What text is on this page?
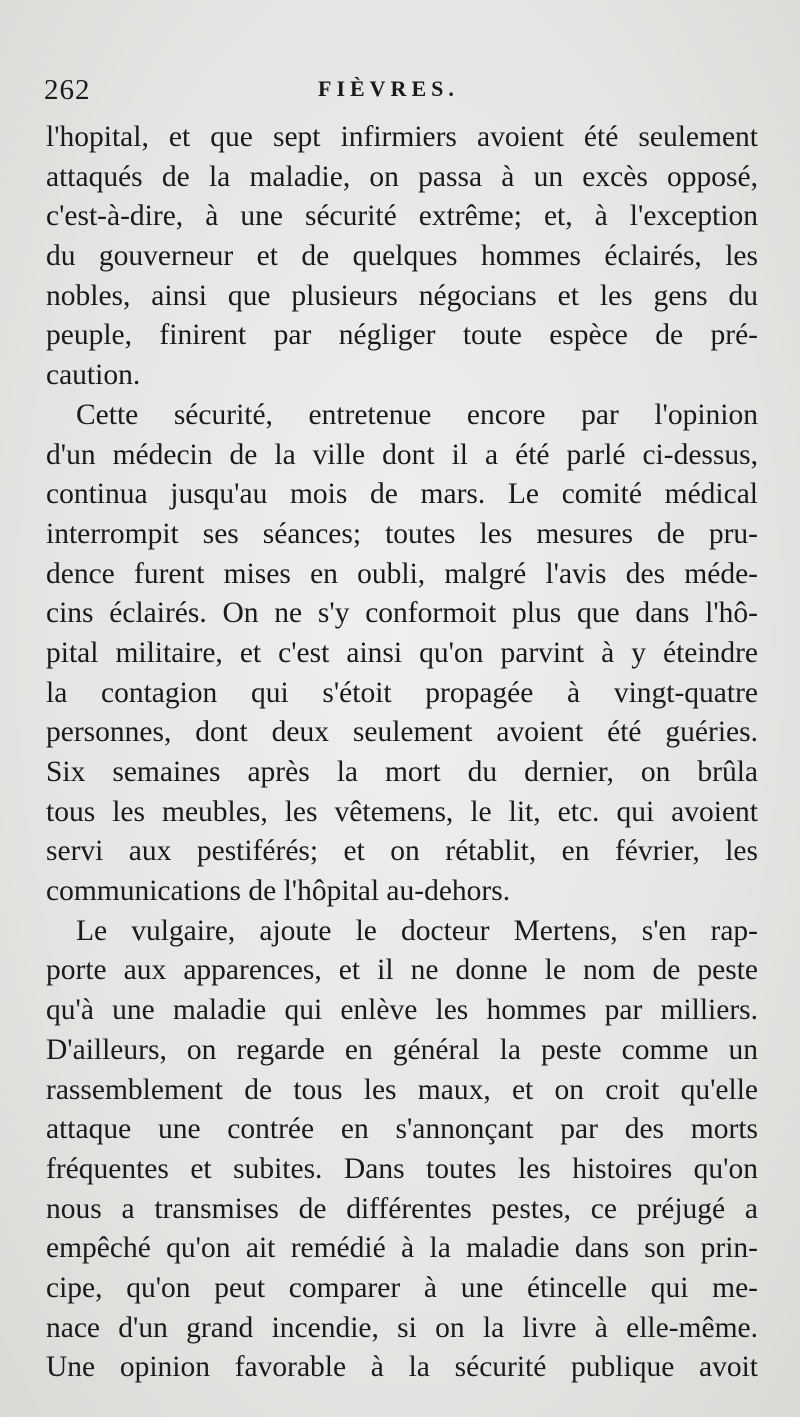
262	FIÈVRES.
l'hopital, et que sept infirmiers avoient été seulement
attaqués de la maladie, on passa à un excès opposé,
c'est-à-dire, à une sécurité extrême; et, à l'exception
du gouverneur et de quelques hommes éclairés, les
nobles, ainsi que plusieurs négocians et les gens du
peuple, finirent par négliger toute espèce de pré-
caution.
Cette sécurité, entretenue encore par l'opinion
d'un médecin de la ville dont il a été parlé ci-dessus,
continua jusqu'au mois de mars. Le comité médical
interrompit ses séances; toutes les mesures de pru-
dence furent mises en oubli, malgré l'avis des méde-
cins éclairés. On ne s'y conformoit plus que dans l'hô-
pital militaire, et c'est ainsi qu'on parvint à y éteindre
la contagion qui s'étoit propagée à vingt-quatre
personnes, dont deux seulement avoient été guéries.
Six semaines après la mort du dernier, on brûla
tous les meubles, les vêtemens, le lit, etc. qui avoient
servi aux pestiférés; et on rétablit, en février, les
communications de l'hôpital au-dehors.
Le vulgaire, ajoute le docteur Mertens, s'en rap-
porte aux apparences, et il ne donne le nom de peste
qu'à une maladie qui enlève les hommes par milliers.
D'ailleurs, on regarde en général la peste comme un
rassemblement de tous les maux, et on croit qu'elle
attaque une contrée en s'annonçant par des morts
fréquentes et subites. Dans toutes les histoires qu'on
nous a transmises de différentes pestes, ce préjugé a
empêché qu'on ait remédié à la maladie dans son prin-
cipe, qu'on peut comparer à une étincelle qui me-
nace d'un grand incendie, si on la livre à elle-même.
Une opinion favorable à la sécurité publique avoit
